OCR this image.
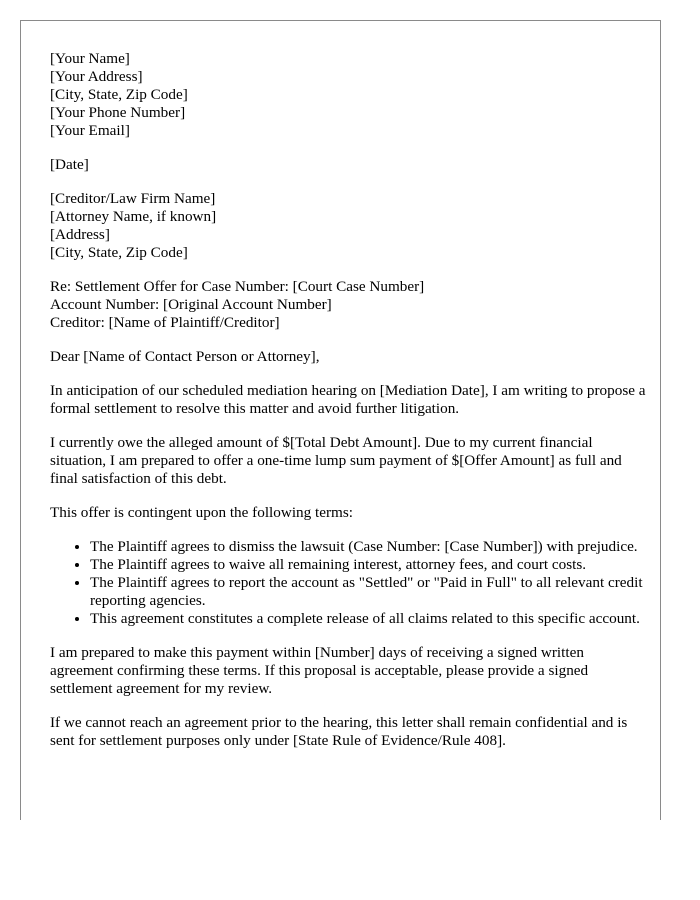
[Your Name]
[Your Address]
[City, State, Zip Code]
[Your Phone Number]
[Your Email]
[Date]
[Creditor/Law Firm Name]
[Attorney Name, if known]
[Address]
[City, State, Zip Code]
Re: Settlement Offer for Case Number: [Court Case Number]
Account Number: [Original Account Number]
Creditor: [Name of Plaintiff/Creditor]

Dear [Name of Contact Person or Attorney],

In anticipation of our scheduled mediation hearing on [Mediation Date], I am writing to propose a formal settlement to resolve this matter and avoid further litigation.

I currently owe the alleged amount of $[Total Debt Amount]. Due to my current financial situation, I am prepared to offer a one-time lump sum payment of $[Offer Amount] as full and final satisfaction of this debt.

This offer is contingent upon the following terms:

• The Plaintiff agrees to dismiss the lawsuit (Case Number: [Case Number]) with prejudice.
• The Plaintiff agrees to waive all remaining interest, attorney fees, and court costs.
• The Plaintiff agrees to report the account as "Settled" or "Paid in Full" to all relevant credit reporting agencies.
• This agreement constitutes a complete release of all claims related to this specific account.

I am prepared to make this payment within [Number] days of receiving a signed written agreement confirming these terms. If this proposal is acceptable, please provide a signed settlement agreement for my review.

If we cannot reach an agreement prior to the hearing, this letter shall remain confidential and is sent for settlement purposes only under [State Rule of Evidence/Rule 408].
